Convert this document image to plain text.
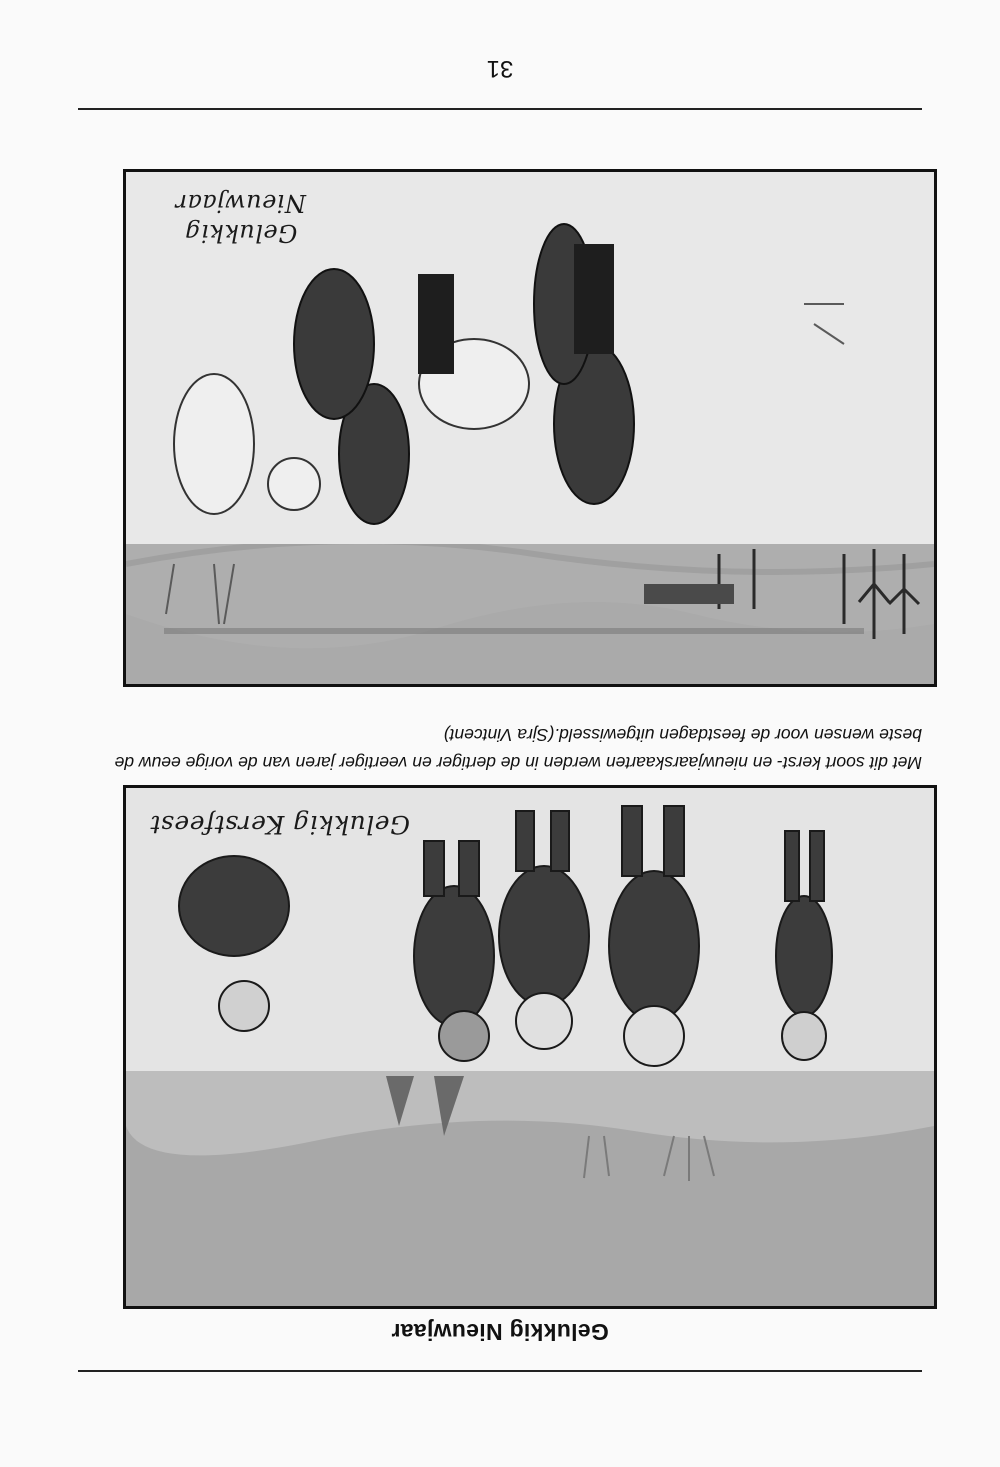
Gelukkig Nieuwjaar
Gelukkig Kerstfeest
Met dit soort kerst- en nieuwjaarskaarten werden in de dertiger en veertiger jaren van de vorige eeuw de beste wensen voor de feestdagen uitgewisseld.(Sjra Vintcent)
Gelukkig
Nieuwjaar
31
